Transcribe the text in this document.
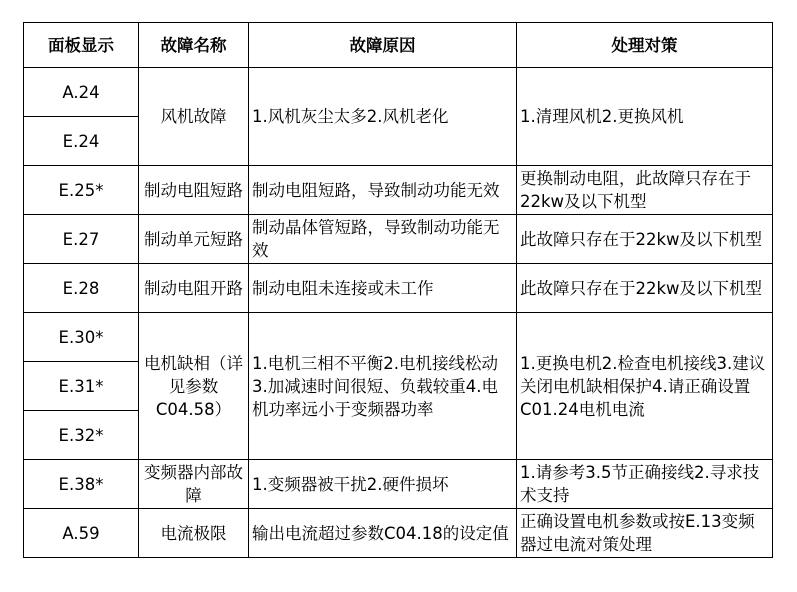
面板显示	故障名称	故障原因	处理对策
A.24	风机故障	1.风机灰尘太多2.风机老化	1.清理风机2.更换风机
E.24			
E.25*	制动电阻短路	制动电阻短路，导致制动功能无效	更换制动电阻，此故障只存在于22kw及以下机型
E.27	制动单元短路	制动晶体管短路，导致制动功能无效	此故障只存在于22kw及以下机型
E.28	制动电阻开路	制动电阻未连接或未工作	此故障只存在于22kw及以下机型
E.30*	电机缺相（详见参数C04.58）	1.电机三相不平衡2.电机接线松动3.加减速时间很短、负载较重4.电机功率远小于变频器功率	1.更换电机2.检查电机接线3.建议关闭电机缺相保护4.请正确设置C01.24电机电流
E.31*			
E.32*			
E.38*	变频器内部故障	1.变频器被干扰2.硬件损坏	1.请参考3.5节正确接线2.寻求技术支持
A.59	电流极限	输出电流超过参数C04.18的设定值	正确设置电机参数或按E.13变频器过电流对策处理
